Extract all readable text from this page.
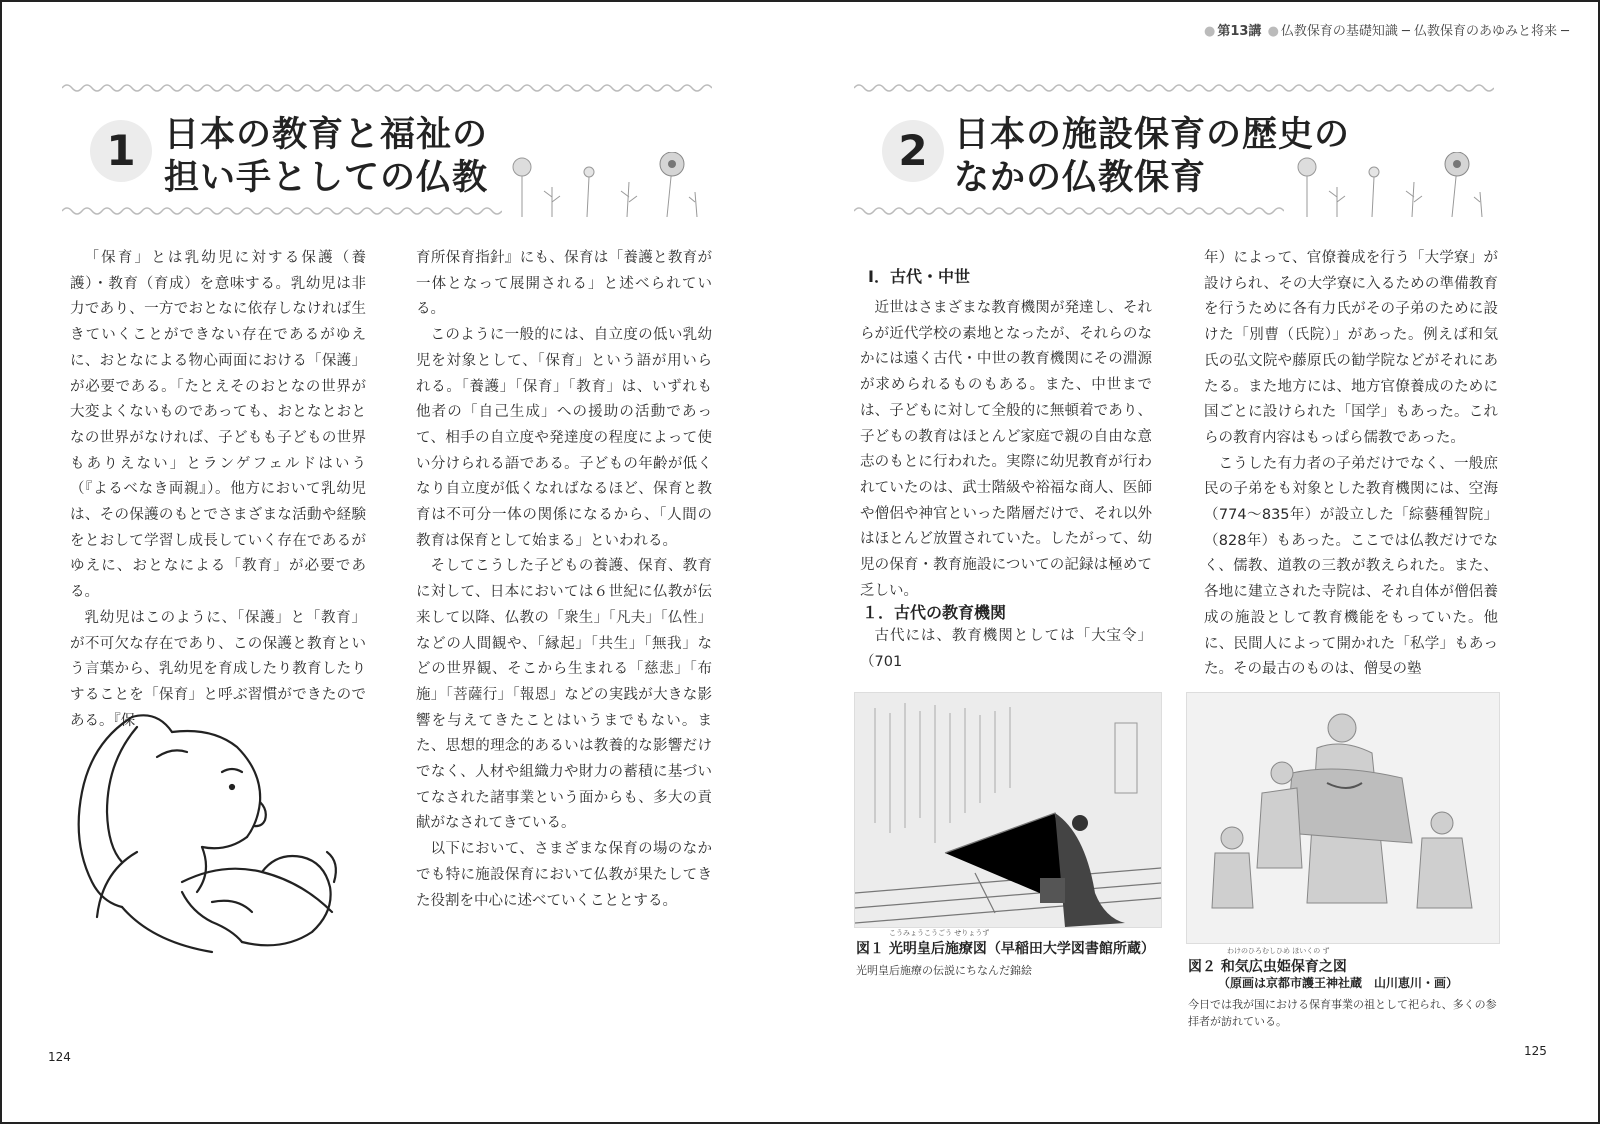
● 第13講 ● 仏教保育の基礎知識 ─ 仏教保育のあゆみと将来 ─
1 日本の教育と福祉の
担い手としての仏教

「保育」とは乳幼児に対する保護（養護）・教育（育成）を意味する。乳幼児は非力であり、一方でおとなに依存しなければ生きていくことができない存在であるがゆえに、おとなによる物心両面における「保護」が必要である。「たとえそのおとなの世界が大変よくないものであっても、おとなとおとなの世界がなければ、子どもも子どもの世界もありえない」とランゲフェルドはいう（『よるべなき両親』）。他方において乳幼児は、その保護のもとでさまざまな活動や経験をとおして学習し成長していく存在であるがゆえに、おとなによる「教育」が必要である。

乳幼児はこのように、「保護」と「教育」が不可欠な存在であり、この保護と教育という言葉から、乳幼児を育成したり教育したりすることを「保育」と呼ぶ習慣ができたのである。『保

育所保育指針』にも、保育は「養護と教育が一体となって展開される」と述べられている。

このように一般的には、自立度の低い乳幼児を対象として、「保育」という語が用いられる。「養護」「保育」「教育」は、いずれも他者の「自己生成」への援助の活動であって、相手の自立度や発達度の程度によって使い分けられる語である。子どもの年齢が低くなり自立度が低くなればなるほど、保育と教育は不可分一体の関係になるから、「人間の教育は保育として始まる」といわれる。

そしてこうした子どもの養護、保育、教育に対して、日本においては６世紀に仏教が伝来して以降、仏教の「衆生」「凡夫」「仏性」などの人間観や、「縁起」「共生」「無我」などの世界観、そこから生まれる「慈悲」「布施」「菩薩行」「報恩」などの実践が大きな影響を与えてきたことはいうまでもない。また、思想的理念的あるいは教養的な影響だけでなく、人材や組織力や財力の蓄積に基づいてなされた諸事業という面からも、多大の貢献がなされてきている。

以下において、さまざまな保育の場のなかでも特に施設保育において仏教が果たしてきた役割を中心に述べていくこととする。

124
2 日本の施設保育の歴史の
なかの仏教保育
Ⅰ．古代・中世

近世はさまざまな教育機関が発達し、それらが近代学校の素地となったが、それらのなかには遠く古代・中世の教育機関にその淵源が求められるものもある。また、中世までは、子どもに対して全般的に無頓着であり、子どもの教育はほとんど家庭で親の自由な意志のもとに行われた。実際に幼児教育が行われていたのは、武士階級や裕福な商人、医師や僧侶や神官といった階層だけで、それ以外はほとんど放置されていた。したがって、幼児の保育・教育施設についての記録は極めて乏しい。

１．古代の教育機関

古代には、教育機関としては「大宝令」（701

年）によって、官僚養成を行う「大学寮」が設けられ、その大学寮に入るための準備教育を行うために各有力氏がその子弟のために設けた「別曹（氏院）」があった。例えば和気氏の弘文院や藤原氏の勧学院などがそれにあたる。また地方には、地方官僚養成のために国ごとに設けられた「国学」もあった。これらの教育内容はもっぱら儒教であった。

こうした有力者の子弟だけでなく、一般庶民の子弟をも対象とした教育機関には、空海（774～835年）が設立した「綜藝種智院」（828年）もあった。ここでは仏教だけでなく、儒教、道教の三教が教えられた。また、各地に建立された寺院は、それ自体が僧侶養成の施設として教育機能をもっていた。他に、民間人によって開かれた「私学」もあった。その最古のものは、僧旻の塾

こうみょうこうごう せりょうず
図１ 光明皇后施療図（早稲田大学図書館所蔵）
光明皇后施療の伝説にちなんだ錦絵
わけのひろむしひめ ほいくの ず
図２ 和気広虫姫保育之図
（原画は京都市護王神社蔵　山川恵川・画）
今日では我が国における保育事業の祖として祀られ、多くの参拝者が訪れている。
125
